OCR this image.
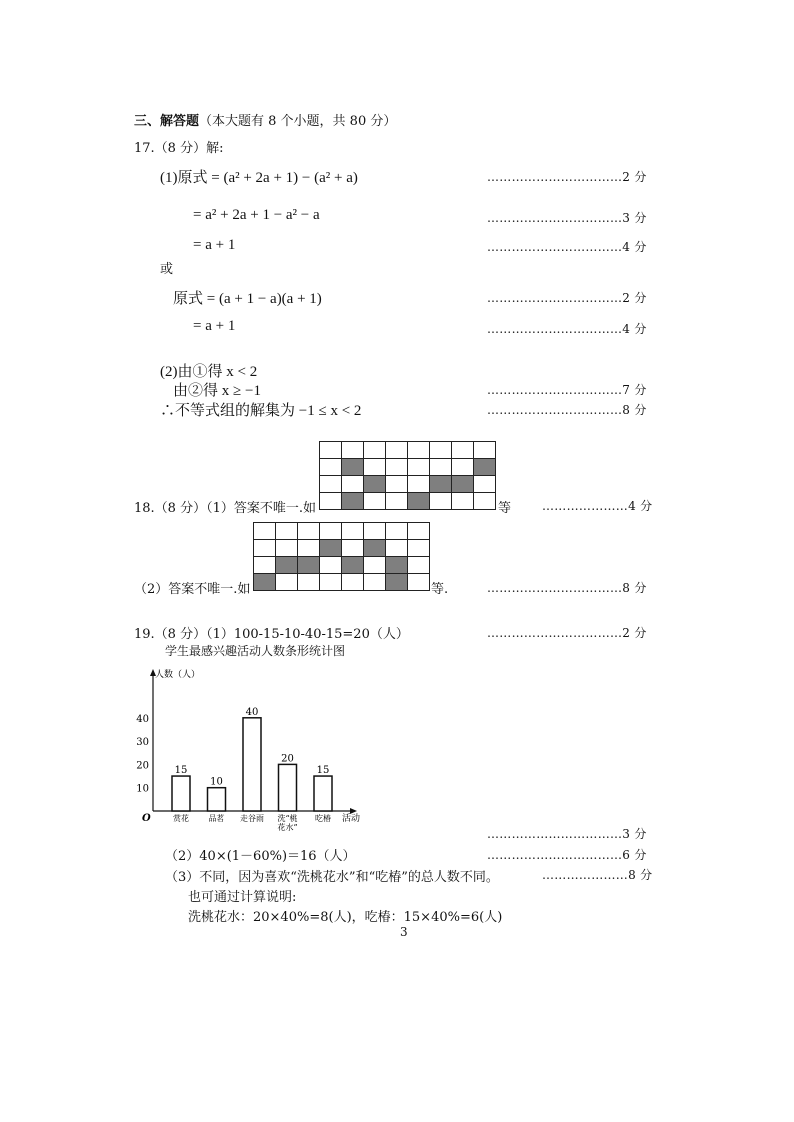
三、解答题（本大题有 8 个小题，共 80 分）
17.（8 分）解:
(1)原式 = (a² + 2a + 1) − (a² + a)	……………………………2 分
= a² + 2a + 1 − a² − a	……………………………3 分
= a + 1	……………………………4 分
或
原式 = (a + 1 − a)(a + 1)	……………………………2 分
= a + 1	……………………………4 分
(2)由①得 x < 2
由②得 x ≥ −1	……………………………7 分
∴不等式组的解集为 −1 ≤ x < 2	……………………………8 分
18.（8 分）（1）答案不唯一.如	等	…………………4 分
（2）答案不唯一.如	等.	……………………………8 分
19.（8 分）（1）100-15-10-40-15=20（人）	……………………………2 分
学生最感兴趣活动人数条形统计图
人数（人）
活动
O
10
20
30
40
15
赏花
10
品茗
40
走谷雨
20
洗“桃
花水”
15
吃椿
……………………………3 分
（2）40×(1－60%)＝16（人）	……………………………6 分
（3）不同，因为喜欢“洗桃花水”和“吃椿”的总人数不同。	…………………8 分
也可通过计算说明:
洗桃花水：20×40%=8(人)，吃椿：15×40%=6(人)
3
